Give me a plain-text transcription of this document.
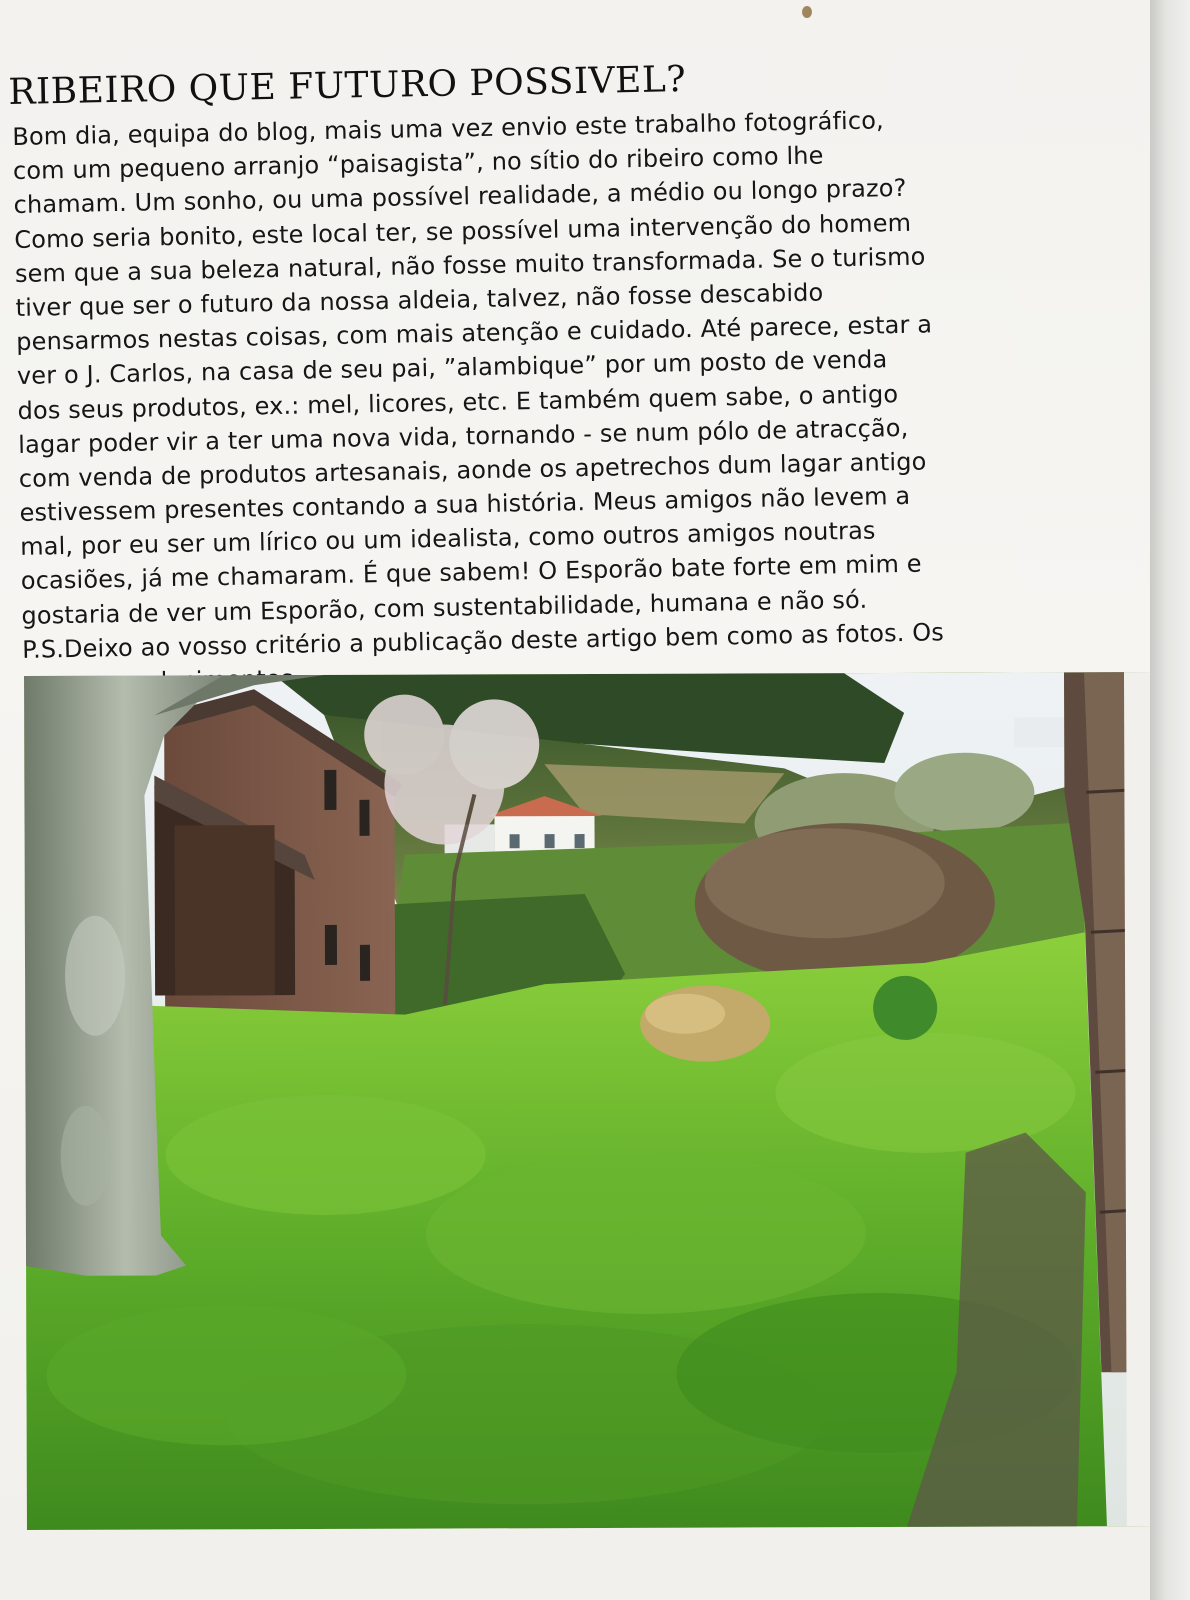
RIBEIRO QUE FUTURO POSSIVEL?
Bom dia, equipa do blog, mais uma vez envio este trabalho fotográfico,
com um pequeno arranjo “paisagista”, no sítio do ribeiro como lhe
chamam. Um sonho, ou uma possível realidade, a médio ou longo prazo?
Como seria bonito, este local ter, se possível uma intervenção do homem
sem que a sua beleza natural, não fosse muito transformada. Se o turismo
tiver que ser o futuro da nossa aldeia, talvez, não fosse descabido
pensarmos nestas coisas, com mais atenção e cuidado. Até parece, estar a
ver o J. Carlos, na casa de seu pai, ”alambique” por um posto de venda
dos seus produtos, ex.: mel, licores, etc. E também quem sabe, o antigo
lagar poder vir a ter uma nova vida, tornando - se num pólo de atracção,
com venda de produtos artesanais, aonde os apetrechos dum lagar antigo
estivessem presentes contando a sua história. Meus amigos não levem a
mal, por eu ser um lírico ou um idealista, como outros amigos noutras
ocasiões, já me chamaram. É que sabem! O Esporão bate forte em mim e
gostaria de ver um Esporão, com sustentabilidade, humana e não só.
P.S.Deixo ao vosso critério a publicação deste artigo bem como as fotos. Os
